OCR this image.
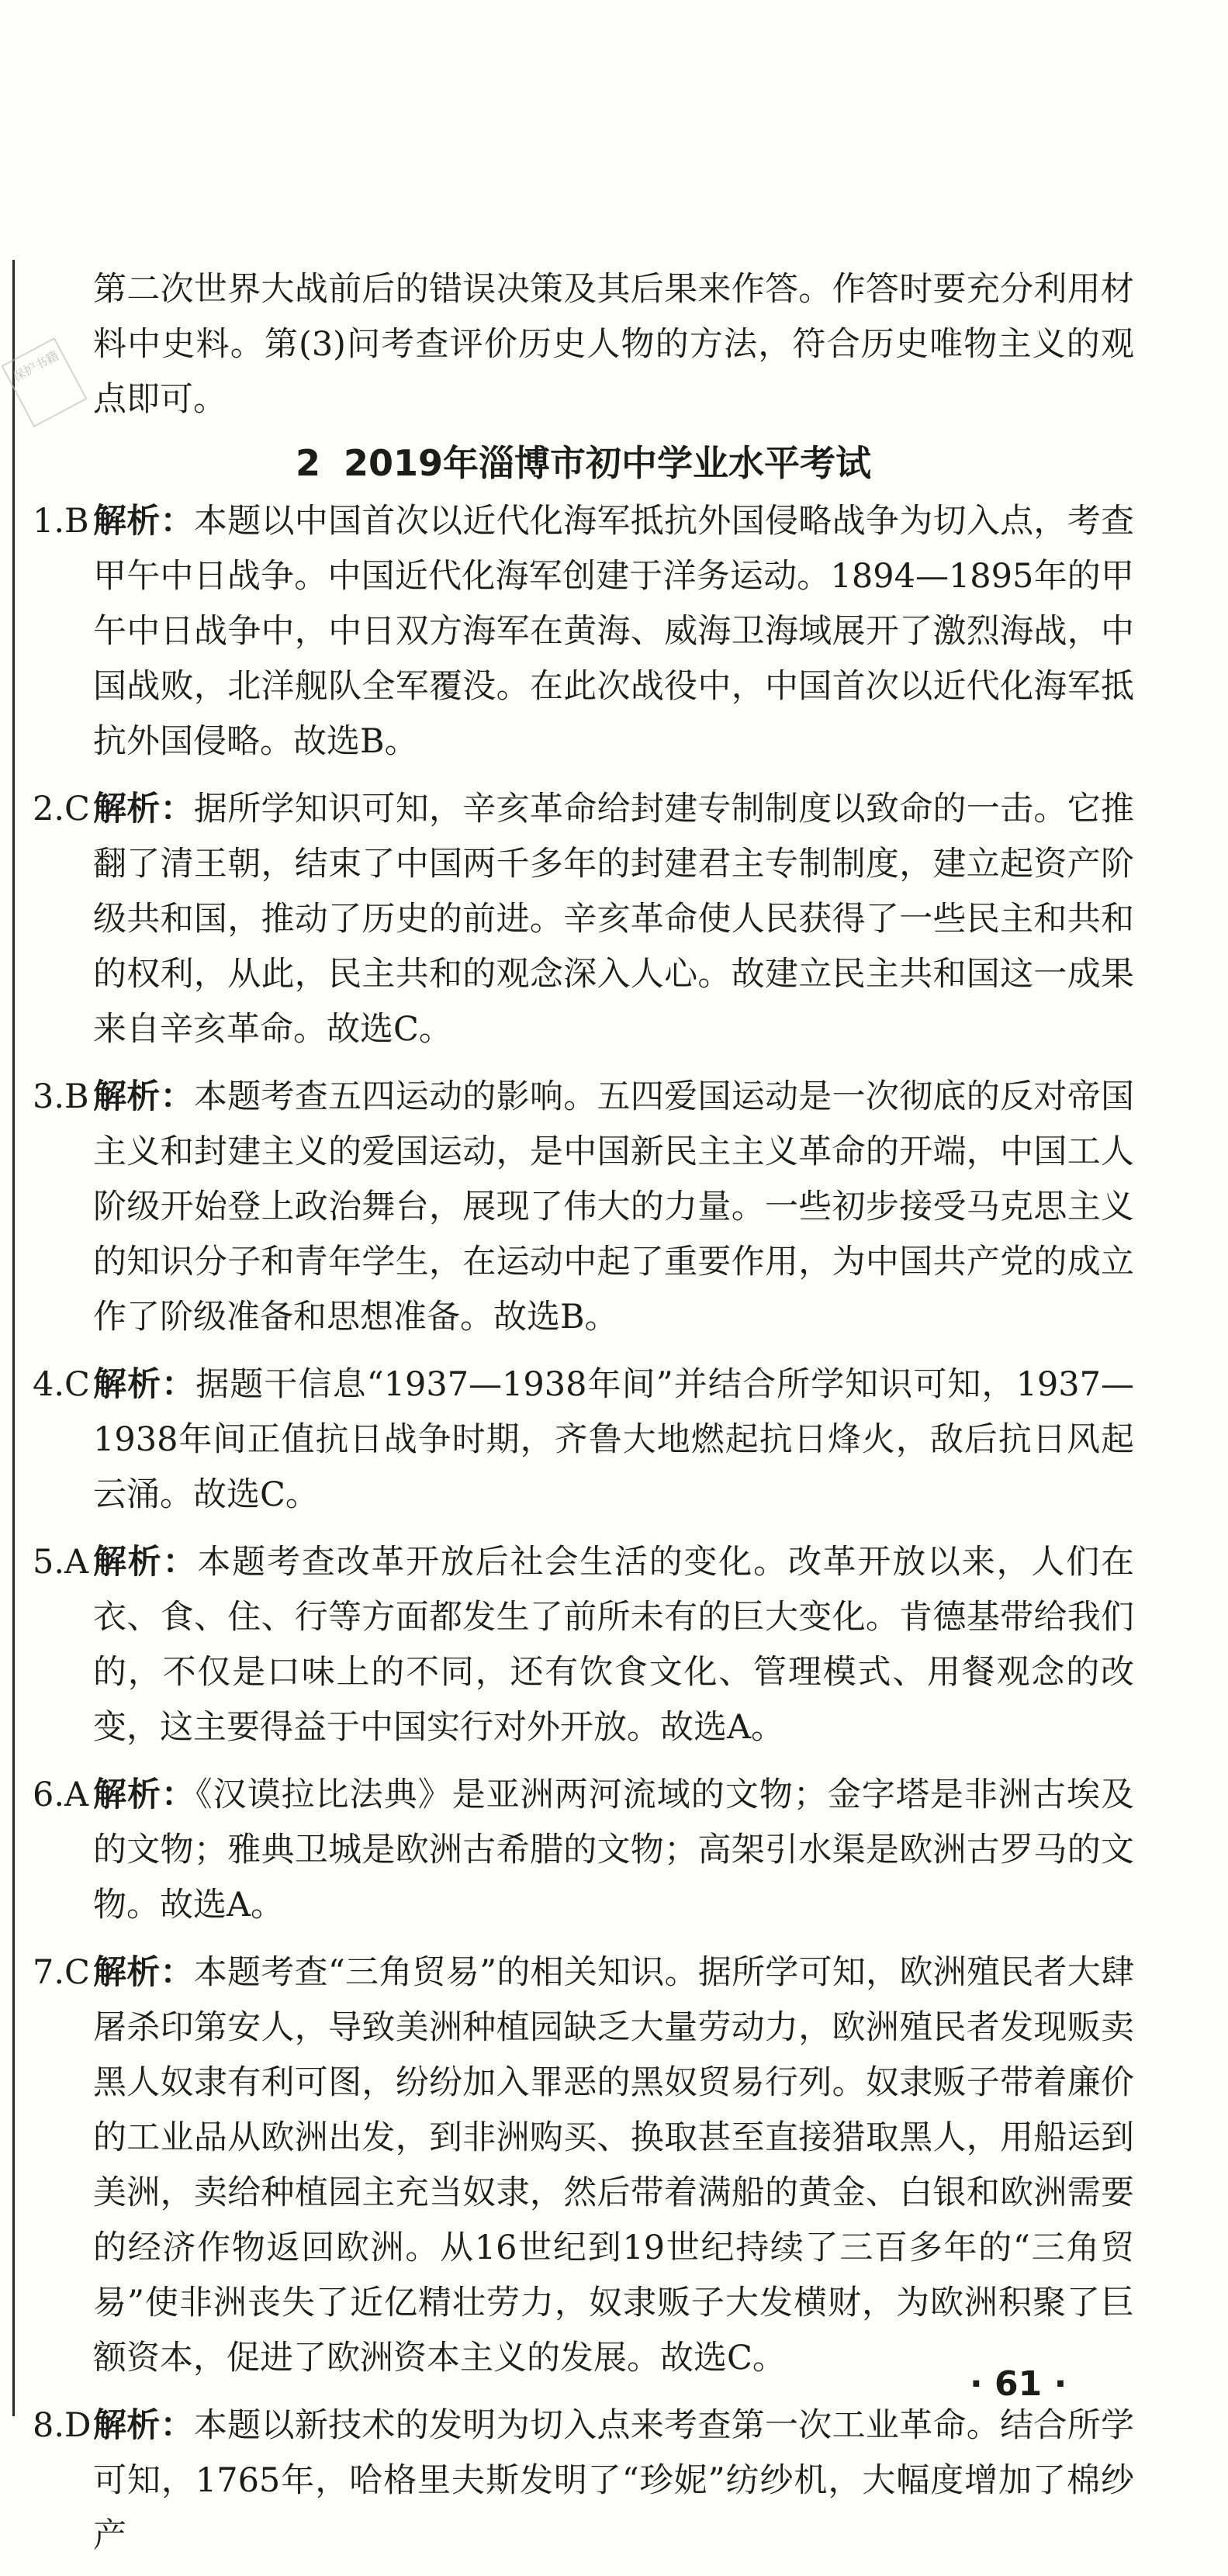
保护书籍

第二次世界大战前后的错误决策及其后果来作答。作答时要充分利用材料中史料。第(3)问考查评价历史人物的方法，符合历史唯物主义的观点即可。

2 2019年淄博市初中学业水平考试

1.B 解析：本题以中国首次以近代化海军抵抗外国侵略战争为切入点，考查甲午中日战争。中国近代化海军创建于洋务运动。1894—1895年的甲午中日战争中，中日双方海军在黄海、威海卫海域展开了激烈海战，中国战败，北洋舰队全军覆没。在此次战役中，中国首次以近代化海军抵抗外国侵略。故选B。

2.C 解析：据所学知识可知，辛亥革命给封建专制制度以致命的一击。它推翻了清王朝，结束了中国两千多年的封建君主专制制度，建立起资产阶级共和国，推动了历史的前进。辛亥革命使人民获得了一些民主和共和的权利，从此，民主共和的观念深入人心。故建立民主共和国这一成果来自辛亥革命。故选C。

3.B 解析：本题考查五四运动的影响。五四爱国运动是一次彻底的反对帝国主义和封建主义的爱国运动，是中国新民主主义革命的开端，中国工人阶级开始登上政治舞台，展现了伟大的力量。一些初步接受马克思主义的知识分子和青年学生，在运动中起了重要作用，为中国共产党的成立作了阶级准备和思想准备。故选B。

4.C 解析：据题干信息“1937—1938年间”并结合所学知识可知，1937—1938年间正值抗日战争时期，齐鲁大地燃起抗日烽火，敌后抗日风起云涌。故选C。

5.A 解析：本题考查改革开放后社会生活的变化。改革开放以来，人们在衣、食、住、行等方面都发生了前所未有的巨大变化。肯德基带给我们的，不仅是口味上的不同，还有饮食文化、管理模式、用餐观念的改变，这主要得益于中国实行对外开放。故选A。

6.A 解析：《汉谟拉比法典》是亚洲两河流域的文物；金字塔是非洲古埃及的文物；雅典卫城是欧洲古希腊的文物；高架引水渠是欧洲古罗马的文物。故选A。

7.C 解析：本题考查“三角贸易”的相关知识。据所学可知，欧洲殖民者大肆屠杀印第安人，导致美洲种植园缺乏大量劳动力，欧洲殖民者发现贩卖黑人奴隶有利可图，纷纷加入罪恶的黑奴贸易行列。奴隶贩子带着廉价的工业品从欧洲出发，到非洲购买、换取甚至直接猎取黑人，用船运到美洲，卖给种植园主充当奴隶，然后带着满船的黄金、白银和欧洲需要的经济作物返回欧洲。从16世纪到19世纪持续了三百多年的“三角贸易”使非洲丧失了近亿精壮劳力，奴隶贩子大发横财，为欧洲积聚了巨额资本，促进了欧洲资本主义的发展。故选C。

8.D 解析：本题以新技术的发明为切入点来考查第一次工业革命。结合所学可知，1765年，哈格里夫斯发明了“珍妮”纺纱机，大幅度增加了棉纱产

· 61 ·
